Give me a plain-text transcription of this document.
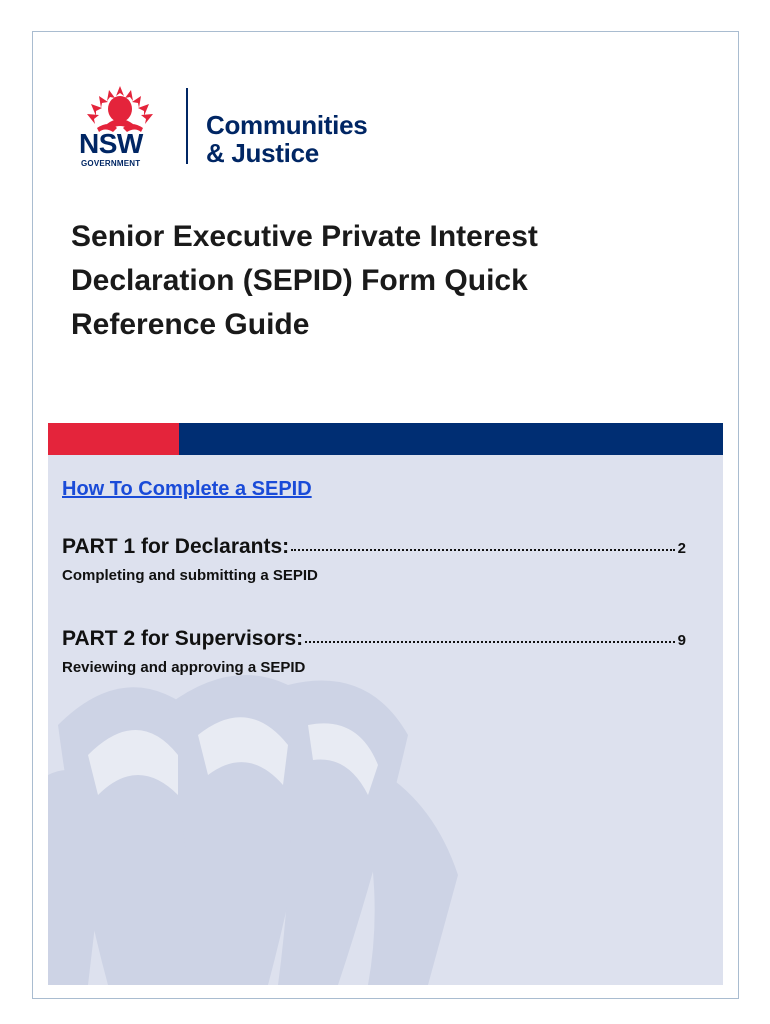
NSW
GOVERNMENT
Communities
& Justice
Senior Executive Private Interest
Declaration (SEPID) Form Quick
Reference Guide
How To Complete a SEPID
PART 1 for Declarants:	2
Completing and submitting a SEPID
PART 2 for Supervisors:	9
Reviewing and approving a SEPID
